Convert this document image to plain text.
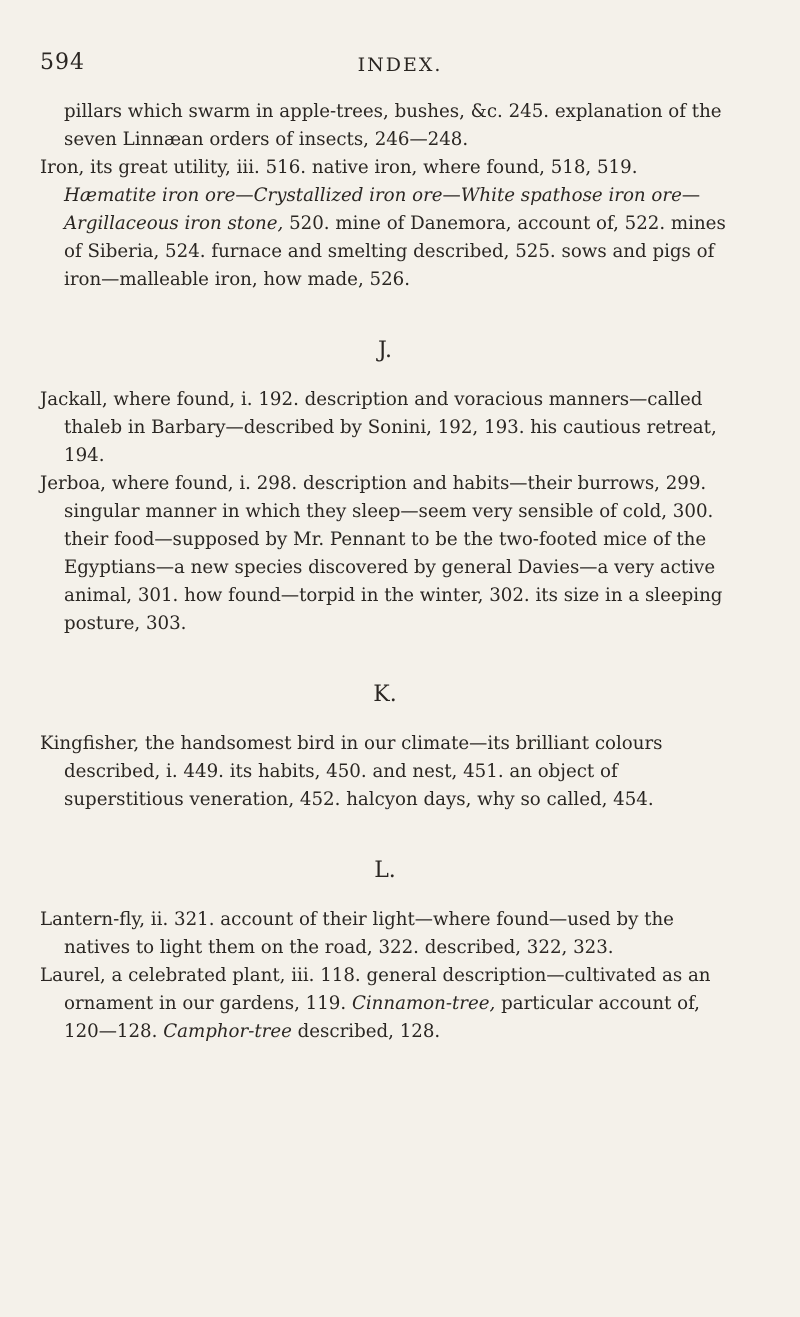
594	INDEX.

pillars which swarm in apple-trees, bushes, &c. 245. explanation of the seven Linnæan orders of insects, 246—248.

Iron, its great utility, iii. 516. native iron, where found, 518, 519. Hæmatite iron ore—Crystallized iron ore—White spathose iron ore—Argillaceous iron stone, 520. mine of Danemora, account of, 522. mines of Siberia, 524. furnace and smelting described, 525. sows and pigs of iron—malleable iron, how made, 526.

J.

Jackall, where found, i. 192. description and voracious manners—called thaleb in Barbary—described by Sonini, 192, 193. his cautious retreat, 194.

Jerboa, where found, i. 298. description and habits—their burrows, 299. singular manner in which they sleep—seem very sensible of cold, 300. their food—supposed by Mr. Pennant to be the two-footed mice of the Egyptians—a new species discovered by general Davies—a very active animal, 301. how found—torpid in the winter, 302. its size in a sleeping posture, 303.

K.

Kingfisher, the handsomest bird in our climate—its brilliant colours described, i. 449. its habits, 450. and nest, 451. an object of superstitious veneration, 452. halcyon days, why so called, 454.

L.

Lantern-fly, ii. 321. account of their light—where found—used by the natives to light them on the road, 322. described, 322, 323.

Laurel, a celebrated plant, iii. 118. general description—cultivated as an ornament in our gardens, 119. Cinnamon-tree, particular account of, 120—128. Camphor-tree described, 128.
